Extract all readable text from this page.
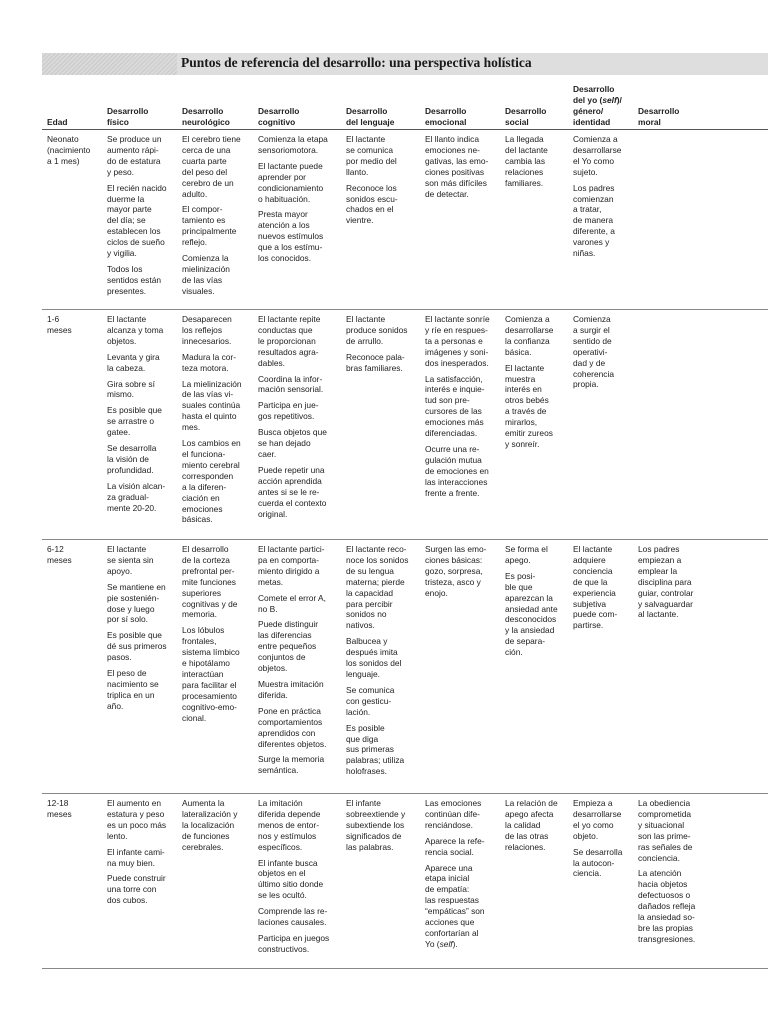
Puntos de referencia del desarrollo: una perspectiva holística
Edad

Desarrollo
físico

Desarrollo
neurológico

Desarrollo
cognitivo

Desarrollo
del lenguaje

Desarrollo
emocional

Desarrollo
social

Desarrollo
del yo (self)/
género/
identidad

Desarrollo
moral

Neonato
(nacimiento
a 1 mes)

Se produce un
aumento rápi-
do de estatura
y peso.

El recién nacido
duerme la
mayor parte
del día; se
establecen los
ciclos de sueño
y vigilia.

Todos los
sentidos están
presentes.

El cerebro tiene
cerca de una
cuarta parte
del peso del
cerebro de un
adulto.

El compor-
tamiento es
principalmente
reflejo.

Comienza la
mielinización
de las vías
visuales.

Comienza la etapa
sensoriomotora.

El lactante puede
aprender por
condicionamiento
o habituación.

Presta mayor
atención a los
nuevos estímulos
que a los estímu-
los conocidos.

El lactante
se comunica
por medio del
llanto.

Reconoce los
sonidos escu-
chados en el
vientre.

El llanto indica
emociones ne-
gativas, las emo-
ciones positivas
son más difíciles
de detectar.

La llegada
del lactante
cambia las
relaciones
familiares.

Comienza a
desarrollarse
el Yo como
sujeto.

Los padres
comienzan
a tratar,
de manera
diferente, a
varones y
niñas.

1-6
meses

El lactante
alcanza y toma
objetos.

Levanta y gira
la cabeza.

Gira sobre sí
mismo.

Es posible que
se arrastre o
gatee.

Se desarrolla
la visión de
profundidad.

La visión alcan-
za gradual-
mente 20-20.

Desaparecen
los reflejos
innecesarios.

Madura la cor-
teza motora.

La mielinización
de las vías vi-
suales continúa
hasta el quinto
mes.

Los cambios en
el funciona-
miento cerebral
corresponden
a la diferen-
ciación en
emociones
básicas.

El lactante repite
conductas que
le proporcionan
resultados agra-
dables.

Coordina la infor-
mación sensorial.

Participa en jue-
gos repetitivos.

Busca objetos que
se han dejado
caer.

Puede repetir una
acción aprendida
antes si se le re-
cuerda el contexto
original.

El lactante
produce sonidos
de arrullo.

Reconoce pala-
bras familiares.

El lactante sonríe
y ríe en respues-
ta a personas e
imágenes y soni-
dos inesperados.

La satisfacción,
interés e inquie-
tud son pre-
cursores de las
emociones más
diferenciadas.

Ocurre una re-
gulación mutua
de emociones en
las interacciones
frente a frente.

Comienza a
desarrollarse
la confianza
básica.

El lactante
muestra
interés en
otros bebés
a través de
mirarlos,
emitir zureos
y sonreír.

Comienza
a surgir el
sentido de
operativi-
dad y de
coherencia
propia.

6-12
meses

El lactante
se sienta sin
apoyo.

Se mantiene en
pie sostenién-
dose y luego
por sí solo.

Es posible que
dé sus primeros
pasos.

El peso de
nacimiento se
triplica en un
año.

El desarrollo
de la corteza
prefrontal per-
mite funciones
superiores
cognitivas y de
memoria.

Los lóbulos
frontales,
sistema límbico
e hipotálamo
interactúan
para facilitar el
procesamiento
cognitivo-emo-
cional.

El lactante partici-
pa en comporta-
miento dirigido a
metas.

Comete el error A,
no B.

Puede distinguir
las diferencias
entre pequeños
conjuntos de
objetos.

Muestra imitación
diferida.

Pone en práctica
comportamientos
aprendidos con
diferentes objetos.

Surge la memoria
semántica.

El lactante reco-
noce los sonidos
de su lengua
materna; pierde
la capacidad
para percibir
sonidos no
nativos.

Balbucea y
después imita
los sonidos del
lenguaje.

Se comunica
con gesticu-
lación.

Es posible
que diga
sus primeras
palabras; utiliza
holofrases.

Surgen las emo-
ciones básicas:
gozo, sorpresa,
tristeza, asco y
enojo.

Se forma el
apego.

Es posi-
ble que
aparezcan la
ansiedad ante
desconocidos
y la ansiedad
de separa-
ción.

El lactante
adquiere
conciencia
de que la
experiencia
subjetiva
puede com-
partirse.

Los padres
empiezan a
emplear la
disciplina para
guiar, controlar
y salvaguardar
al lactante.

12-18
meses

El aumento en
estatura y peso
es un poco más
lento.

El infante cami-
na muy bien.

Puede construir
una torre con
dos cubos.

Aumenta la
lateralización y
la localización
de funciones
cerebrales.

La imitación
diferida depende
menos de entor-
nos y estímulos
específicos.

El infante busca
objetos en el
último sitio donde
se les ocultó.

Comprende las re-
laciones causales.

Participa en juegos
constructivos.

El infante
sobreextiende y
subextiende los
significados de
las palabras.

Las emociones
continúan dife-
renciándose.

Aparece la refe-
rencia social.

Aparece una
etapa inicial
de empatía:
las respuestas
“empáticas” son
acciones que
confortarían al
Yo (self).

La relación de
apego afecta
la calidad
de las otras
relaciones.

Empieza a
desarrollarse
el yo como
objeto.

Se desarrolla
la autocon-
ciencia.

La obediencia
comprometida
y situacional
son las prime-
ras señales de
conciencia.

La atención
hacia objetos
defectuosos o
dañados refleja
la ansiedad so-
bre las propias
transgresiones.
